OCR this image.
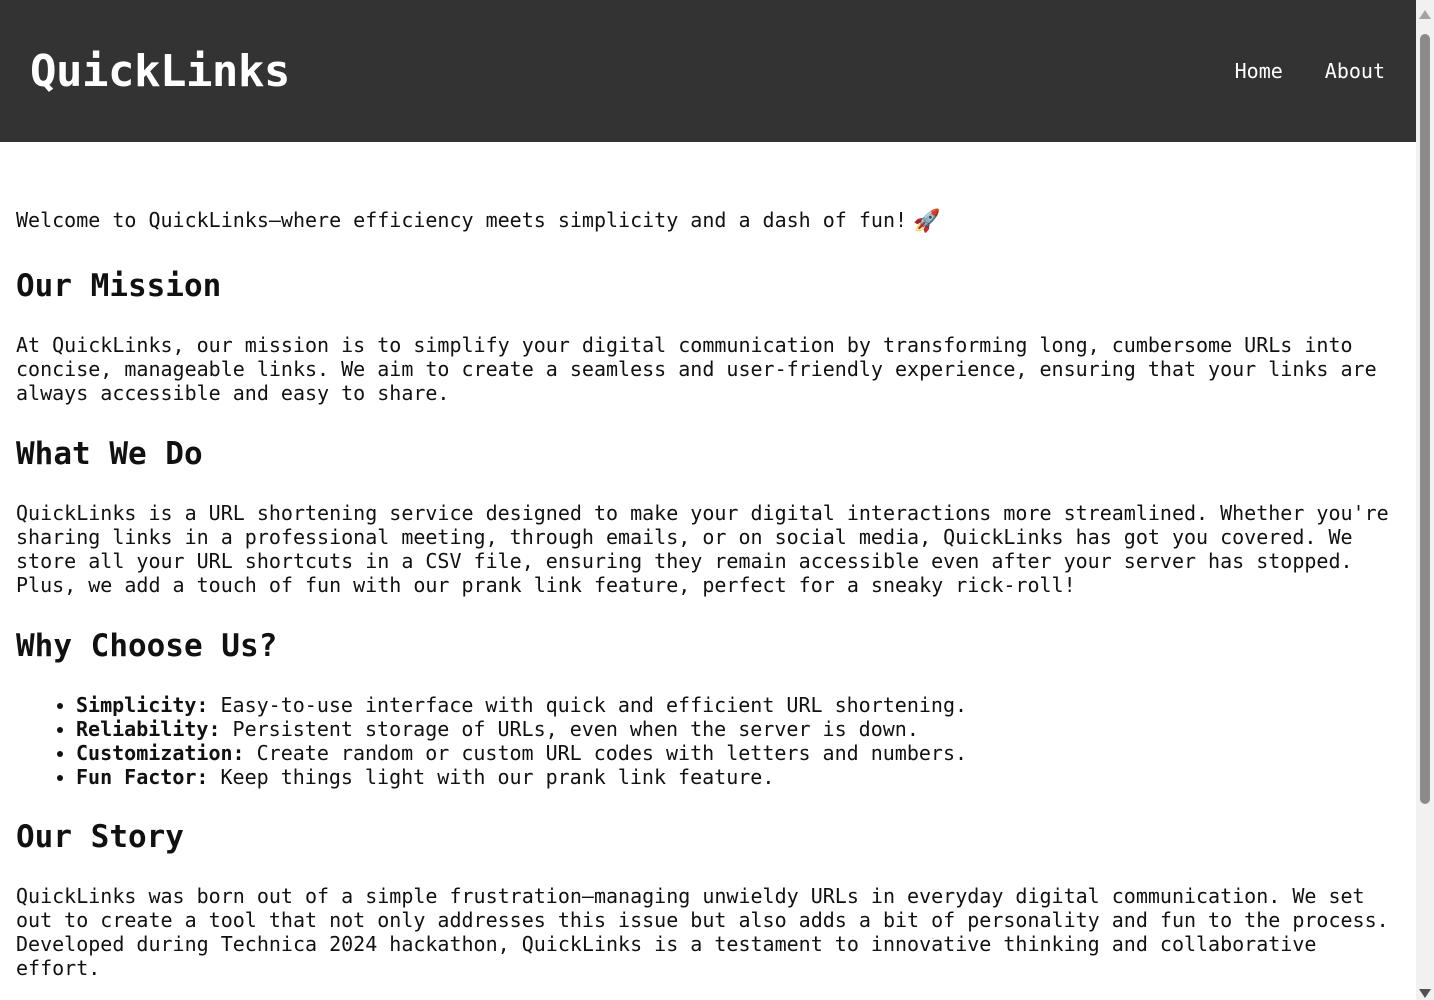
QuickLinks	Home About

Welcome to QuickLinks—where efficiency meets simplicity and a dash of fun! 🚀

Our Mission

At QuickLinks, our mission is to simplify your digital communication by transforming long, cumbersome URLs into concise, manageable links. We aim to create a seamless and user-friendly experience, ensuring that your links are always accessible and easy to share.

What We Do

QuickLinks is a URL shortening service designed to make your digital interactions more streamlined. Whether you're sharing links in a professional meeting, through emails, or on social media, QuickLinks has got you covered. We store all your URL shortcuts in a CSV file, ensuring they remain accessible even after your server has stopped. Plus, we add a touch of fun with our prank link feature, perfect for a sneaky rick-roll!

Why Choose Us?
• Simplicity: Easy-to-use interface with quick and efficient URL shortening.
• Reliability: Persistent storage of URLs, even when the server is down.
• Customization: Create random or custom URL codes with letters and numbers.
• Fun Factor: Keep things light with our prank link feature.
Our Story

QuickLinks was born out of a simple frustration—managing unwieldy URLs in everyday digital communication. We set out to create a tool that not only addresses this issue but also adds a bit of personality and fun to the process. Developed during Technica 2024 hackathon, QuickLinks is a testament to innovative thinking and collaborative effort.
